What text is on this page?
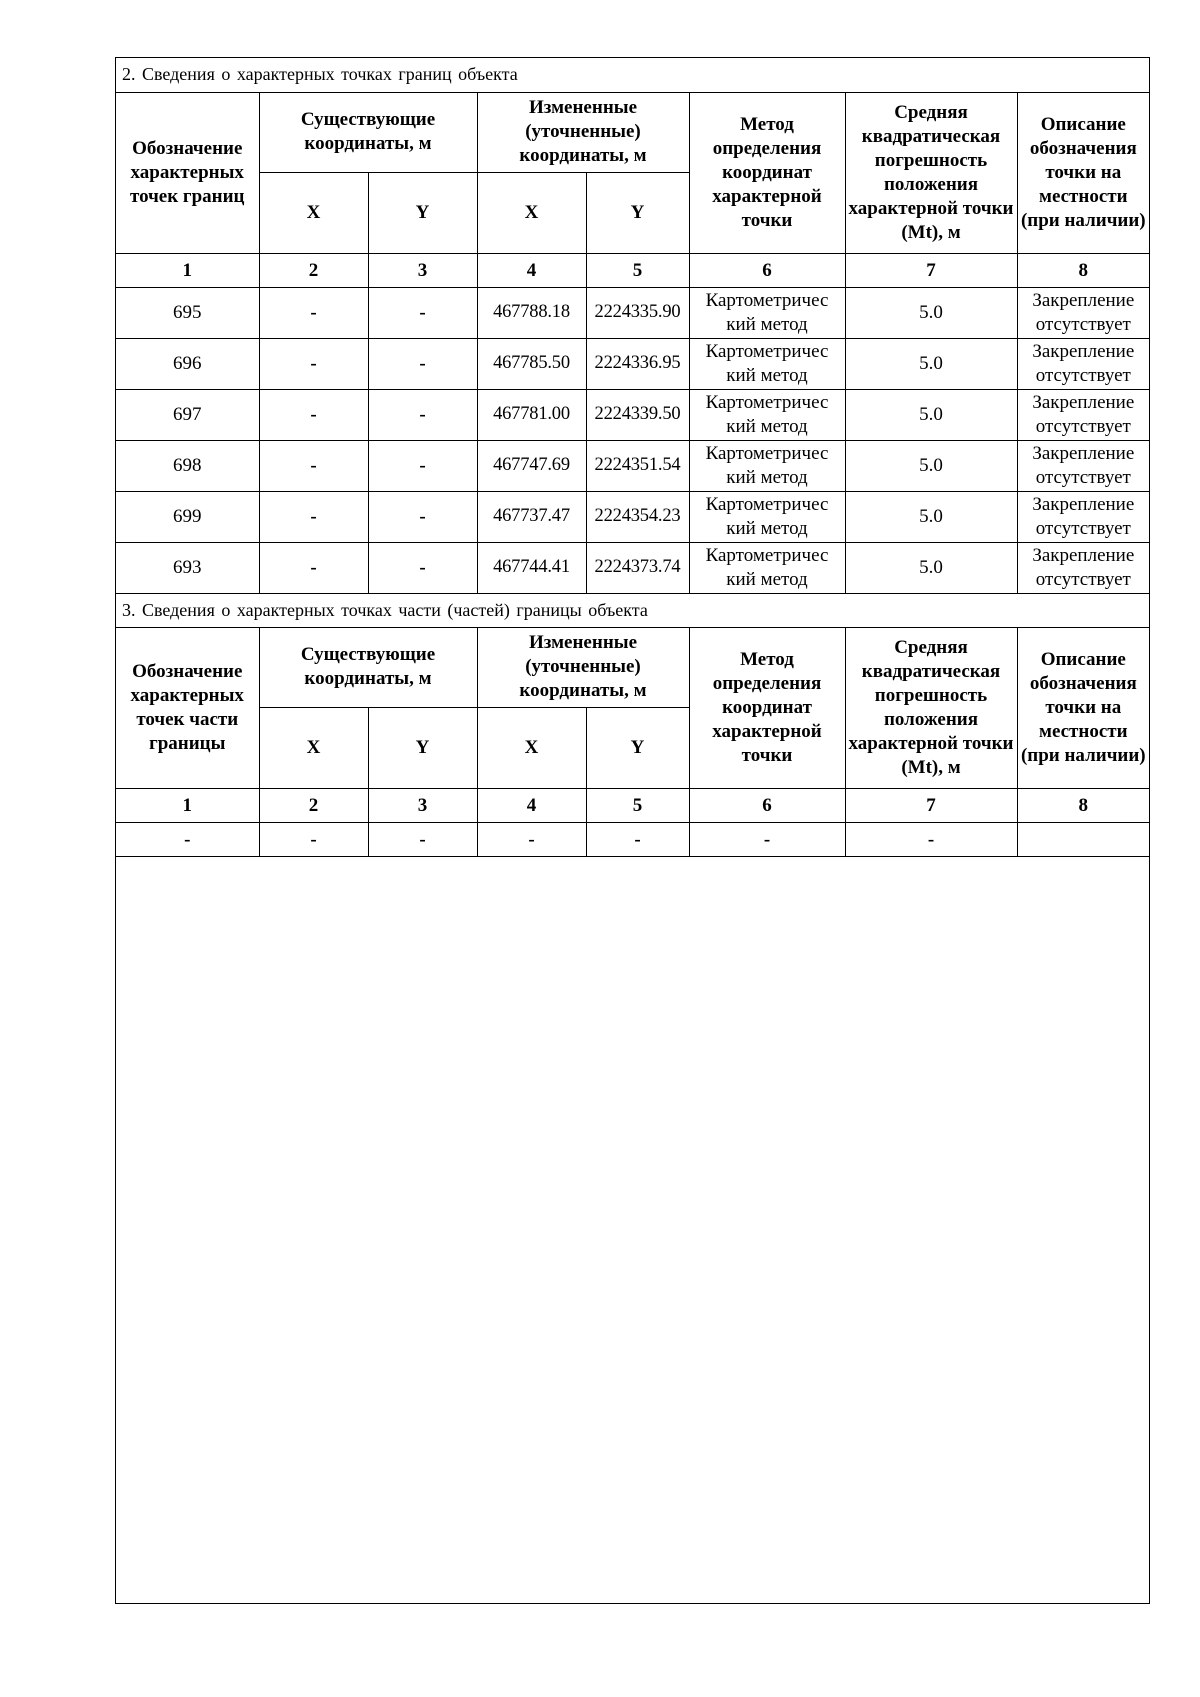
2. Сведения о характерных точках границ объекта							
Обозначение характерных точек границ	Существующие координаты, м		Измененные (уточненные) координаты, м		Метод определения координат характерной точки	Средняя квадратическая погрешность положения характерной точки (Mt), м	Описание обозначения точки на местности (при наличии)
	X	Y	X	Y			
1	2	3	4	5	6	7	8
695	-	-	467788.18	2224335.90	Картометричес кий метод	5.0	Закрепление отсутствует
696	-	-	467785.50	2224336.95	Картометричес кий метод	5.0	Закрепление отсутствует
697	-	-	467781.00	2224339.50	Картометричес кий метод	5.0	Закрепление отсутствует
698	-	-	467747.69	2224351.54	Картометричес кий метод	5.0	Закрепление отсутствует
699	-	-	467737.47	2224354.23	Картометричес кий метод	5.0	Закрепление отсутствует
693	-	-	467744.41	2224373.74	Картометричес кий метод	5.0	Закрепление отсутствует
3. Сведения о характерных точках части (частей) границы объекта							
Обозначение характерных точек части границы	Существующие координаты, м		Измененные (уточненные) координаты, м		Метод определения координат характерной точки	Средняя квадратическая погрешность положения характерной точки (Mt), м	Описание обозначения точки на местности (при наличии)
	X	Y	X	Y			
1	2	3	4	5	6	7	8
-	-	-	-	-	-	-	
